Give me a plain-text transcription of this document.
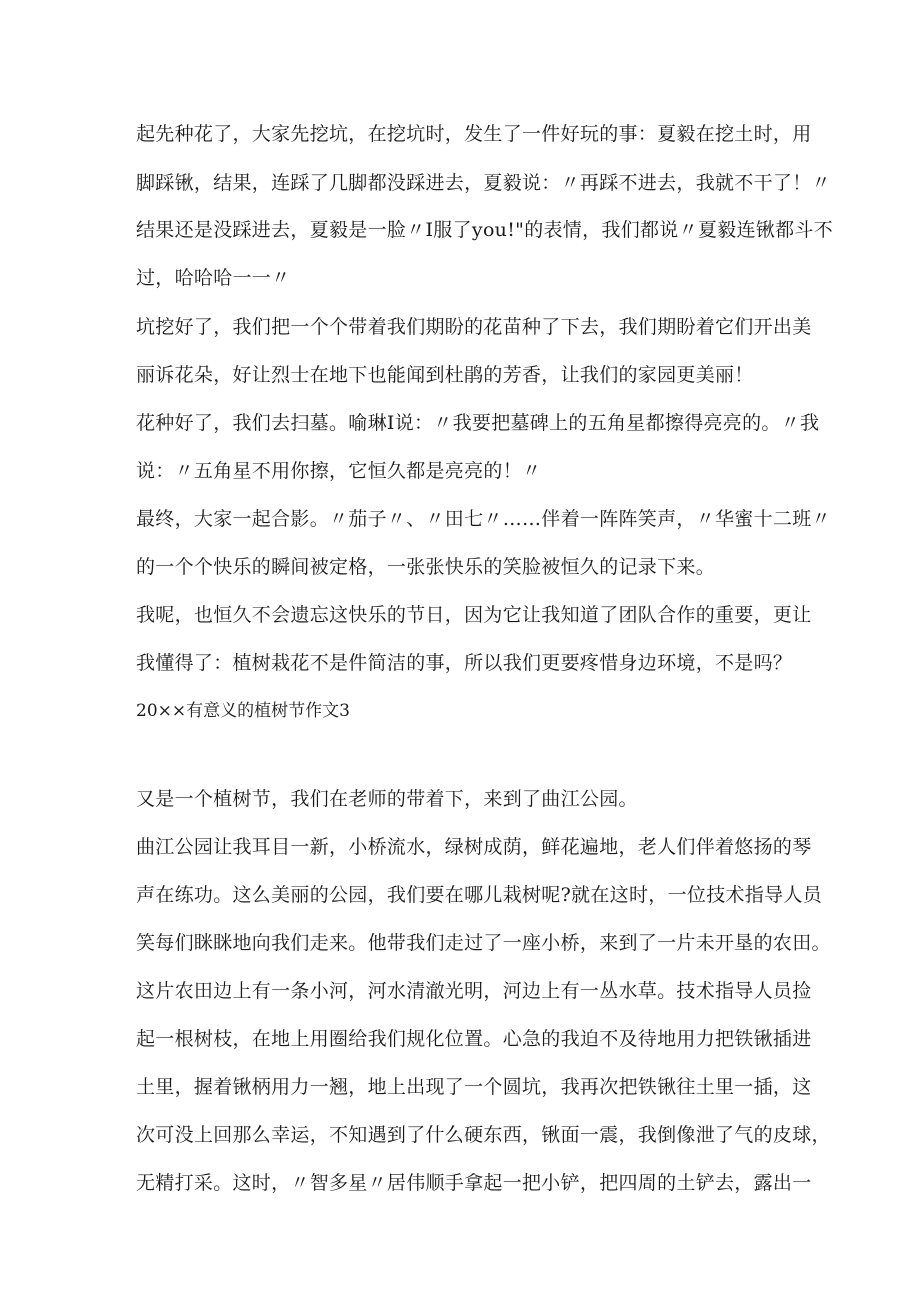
起先种花了，大家先挖坑，在挖坑时，发生了一件好玩的事：夏毅在挖土时，用
脚踩锹，结果，连踩了几脚都没踩进去，夏毅说：〃再踩不进去，我就不干了！〃
结果还是没踩进去，夏毅是一脸〃I服了you!"的表情，我们都说〃夏毅连锹都斗不
过，哈哈哈一一〃
坑挖好了，我们把一个个带着我们期盼的花苗种了下去，我们期盼着它们开出美
丽诉花朵，好让烈士在地下也能闻到杜鹃的芳香，让我们的家园更美丽！
花种好了，我们去扫墓。喻琳I说：〃我要把墓碑上的五角星都擦得亮亮的。〃我
说：〃五角星不用你擦，它恒久都是亮亮的！〃
最终，大家一起合影。〃茄子〃、〃田七〃……伴着一阵阵笑声，〃华蜜十二班〃
的一个个快乐的瞬间被定格，一张张快乐的笑脸被恒久的记录下来。
我呢，也恒久不会遗忘这快乐的节日，因为它让我知道了团队合作的重要，更让
我懂得了：植树栽花不是件简洁的事，所以我们更要疼惜身边环境，不是吗？
20××有意义的植树节作文3
又是一个植树节，我们在老师的带着下，来到了曲江公园。
曲江公园让我耳目一新，小桥流水，绿树成荫，鲜花遍地，老人们伴着悠扬的琴
声在练功。这么美丽的公园，我们要在哪儿栽树呢?就在这时，一位技术指导人员
笑每们眯眯地向我们走来。他带我们走过了一座小桥，来到了一片未开垦的农田。
这片农田边上有一条小河，河水清澈光明，河边上有一丛水草。技术指导人员捡
起一根树枝，在地上用圈给我们规化位置。心急的我迫不及待地用力把铁锹插进
土里，握着锹柄用力一翘，地上出现了一个圆坑，我再次把铁锹往土里一插，这
次可没上回那么幸运，不知遇到了什么硬东西，锹面一震，我倒像泄了气的皮球，
无精打采。这时，〃智多星〃居伟顺手拿起一把小铲，把四周的土铲去，露出一
